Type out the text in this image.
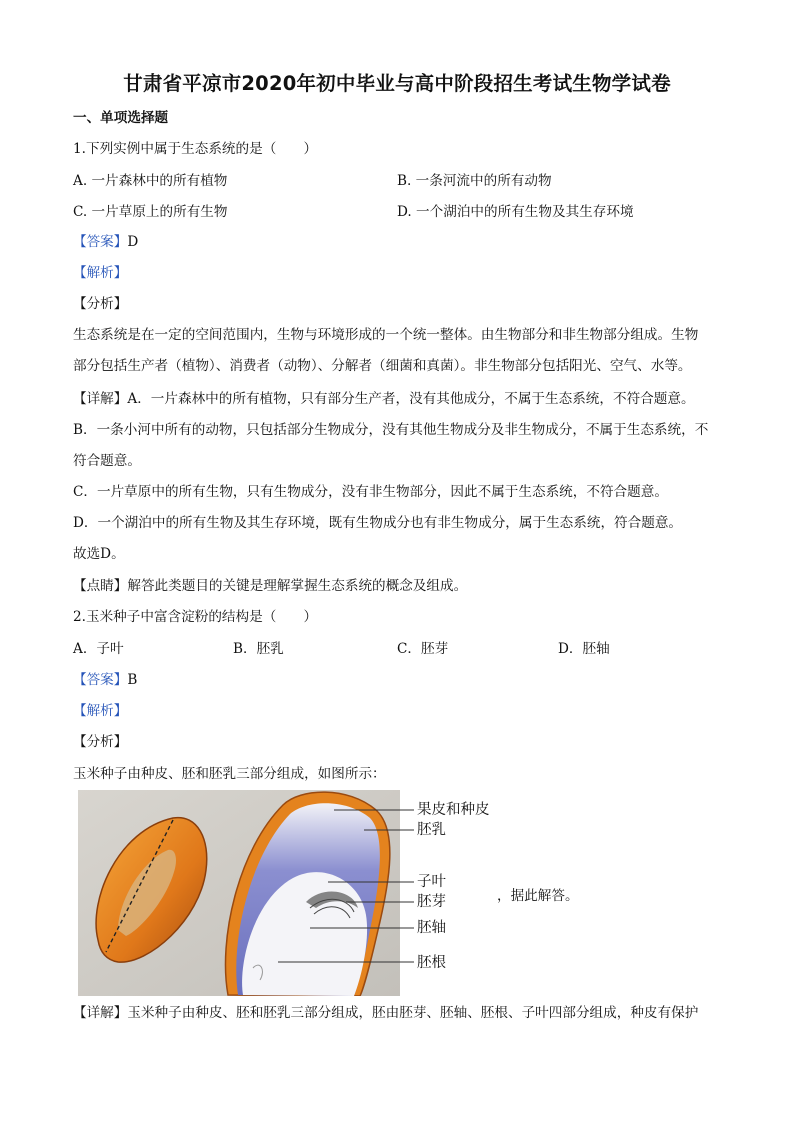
甘肃省平凉市2020年初中毕业与高中阶段招生考试生物学试卷
一、单项选择题
1.下列实例中属于生态系统的是（　　）
A. 一片森林中的所有植物	B. 一条河流中的所有动物
C. 一片草原上的所有生物	D. 一个湖泊中的所有生物及其生存环境
【答案】D
【解析】
【分析】
生态系统是在一定的空间范围内，生物与环境形成的一个统一整体。由生物部分和非生物部分组成。生物
部分包括生产者（植物）、消费者（动物）、分解者（细菌和真菌）。非生物部分包括阳光、空气、水等。
【详解】A．一片森林中的所有植物，只有部分生产者，没有其他成分，不属于生态系统，不符合题意。
B．一条小河中所有的动物，只包括部分生物成分，没有其他生物成分及非生物成分，不属于生态系统，不
符合题意。
C．一片草原中的所有生物，只有生物成分，没有非生物部分，因此不属于生态系统，不符合题意。
D．一个湖泊中的所有生物及其生存环境，既有生物成分也有非生物成分，属于生态系统，符合题意。
故选D。
【点睛】解答此类题目的关键是理解掌握生态系统的概念及组成。
2.玉米种子中富含淀粉的结构是（　　）
A．子叶	B．胚乳	C．胚芽	D．胚轴
【答案】B
【解析】
【分析】
玉米种子由种皮、胚和胚乳三部分组成，如图所示：
果皮和种皮
胚乳
子叶
胚芽
胚轴
胚根
，据此解答。
【详解】玉米种子由种皮、胚和胚乳三部分组成，胚由胚芽、胚轴、胚根、子叶四部分组成，种皮有保护
